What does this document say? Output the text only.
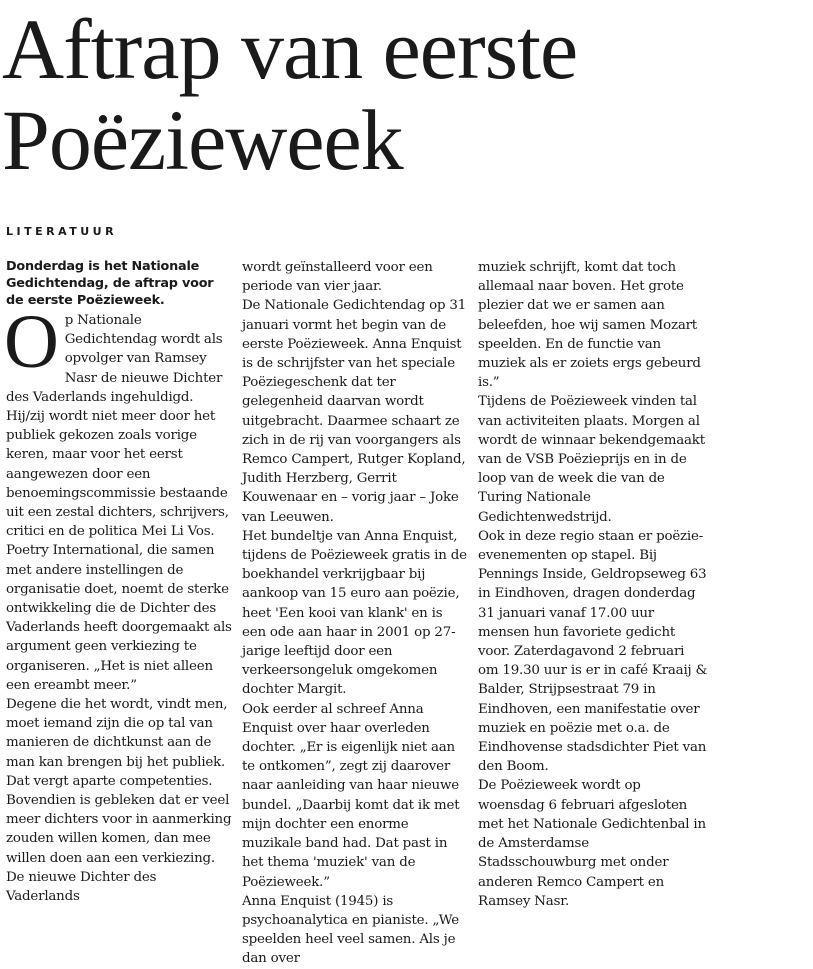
Aftrap van eerste Poëzieweek
LITERATUUR
Donderdag is het Nationale Gedichtendag, de aftrap voor de eerste Poëzieweek.
O p Nationale Gedichtendag wordt als opvolger van Ramsey Nasr de nieuwe Dichter des Vaderlands ingehuldigd. Hij/zij wordt niet meer door het publiek gekozen zoals vorige keren, maar voor het eerst aangewezen door een benoemingscommissie bestaande uit een zestal dichters, schrijvers, critici en de politica Mei Li Vos.

Poetry International, die samen met andere instellingen de organisatie doet, noemt de sterke ontwikkeling die de Dichter des Vaderlands heeft doorgemaakt als argument geen verkiezing te organiseren. „Het is niet alleen een ereambt meer.”

Degene die het wordt, vindt men, moet iemand zijn die op tal van manieren de dichtkunst aan de man kan brengen bij het publiek. Dat vergt aparte competenties. Bovendien is gebleken dat er veel meer dichters voor in aanmerking zouden willen komen, dan mee willen doen aan een verkiezing. De nieuwe Dichter des Vaderlands

wordt geïnstalleerd voor een periode van vier jaar.

De Nationale Gedichtendag op 31 januari vormt het begin van de eerste Poëzieweek. Anna Enquist is de schrijfster van het speciale Poëziegeschenk dat ter gelegenheid daarvan wordt uitgebracht. Daarmee schaart ze zich in de rij van voorgangers als Remco Campert, Rutger Kopland, Judith Herzberg, Gerrit Kouwenaar en – vorig jaar – Joke van Leeuwen.

Het bundeltje van Anna Enquist, tijdens de Poëzieweek gratis in de boekhandel verkrijgbaar bij aankoop van 15 euro aan poëzie, heet 'Een kooi van klank' en is een ode aan haar in 2001 op 27-jarige leeftijd door een verkeersongeluk omgekomen dochter Margit.

Ook eerder al schreef Anna Enquist over haar overleden dochter. „Er is eigenlijk niet aan te ontkomen”, zegt zij daarover naar aanleiding van haar nieuwe bundel. „Daarbij komt dat ik met mijn dochter een enorme muzikale band had. Dat past in het thema 'muziek' van de Poëzieweek.”

Anna Enquist (1945) is psychoanalytica en pianiste. „We speelden heel veel samen. Als je dan over

muziek schrijft, komt dat toch allemaal naar boven. Het grote plezier dat we er samen aan beleefden, hoe wij samen Mozart speelden. En de functie van muziek als er zoiets ergs gebeurd is.”

Tijdens de Poëzieweek vinden tal van activiteiten plaats. Morgen al wordt de winnaar bekendgemaakt van de VSB Poëzieprijs en in de loop van de week die van de Turing Nationale Gedichtenwedstrijd.

Ook in deze regio staan er poëzie-evenementen op stapel. Bij Pennings Inside, Geldropseweg 63 in Eindhoven, dragen donderdag 31 januari vanaf 17.00 uur mensen hun favoriete gedicht voor. Zaterdagavond 2 februari om 19.30 uur is er in café Kraaij & Balder, Strijpsestraat 79 in Eindhoven, een manifestatie over muziek en poëzie met o.a. de Eindhovense stadsdichter Piet van den Boom.

De Poëzieweek wordt op woensdag 6 februari afgesloten met het Nationale Gedichtenbal in de Amsterdamse Stadsschouwburg met onder anderen Remco Campert en Ramsey Nasr.
